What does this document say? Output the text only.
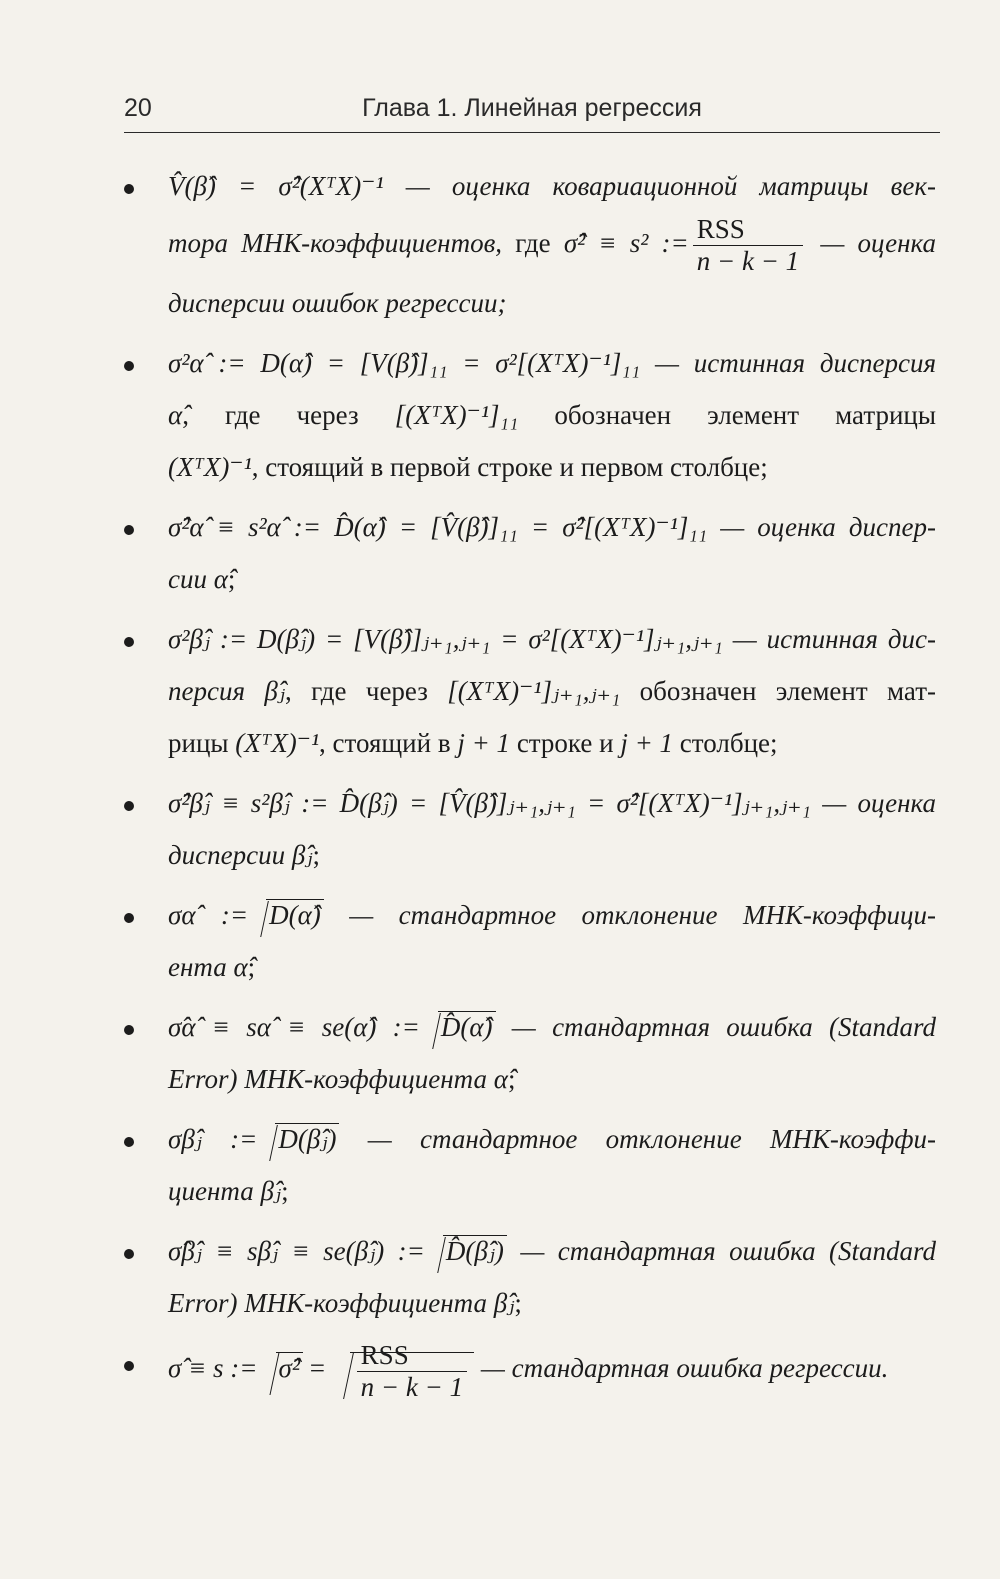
20	Глава 1. Линейная регрессия
V̂(β̂) = σ̂²(XᵀX)⁻¹ — оценка ковариационной матрицы век-
тора МНК-коэффициентов, где σ̂² ≡ s² := $\frac{\text{RSS}}{n - k - 1}$ — оценка
дисперсии ошибок регрессии;
σ²α̂ := D(α̂) = [V(β̂)]₁₁ = σ²[(XᵀX)⁻¹]₁₁ — истинная дисперсия
α̂, где через [(XᵀX)⁻¹]₁₁ обозначен элемент матрицы
(XᵀX)⁻¹, стоящий в первой строке и первом столбце;
σ̂²α̂ ≡ s²α̂ := D̂(α̂) = [V̂(β̂)]₁₁ = σ̂²[(XᵀX)⁻¹]₁₁ — оценка диспер-
сии α̂;
σ²β̂ⱼ := D(β̂ⱼ) = [V(β̂)]ⱼ₊₁,ⱼ₊₁ = σ²[(XᵀX)⁻¹]ⱼ₊₁,ⱼ₊₁ — истинная дис-
персия β̂ⱼ, где через [(XᵀX)⁻¹]ⱼ₊₁,ⱼ₊₁ обозначен элемент мат-
рицы (XᵀX)⁻¹, стоящий в j + 1 строке и j + 1 столбце;
σ̂²β̂ⱼ ≡ s²β̂ⱼ := D̂(β̂ⱼ) = [V̂(β̂)]ⱼ₊₁,ⱼ₊₁ = σ̂²[(XᵀX)⁻¹]ⱼ₊₁,ⱼ₊₁ — оценка
дисперсии β̂ⱼ;
σα̂ := D(α̂) — стандартное отклонение МНК-коэффици-
ента α̂;
σ̂α̂ ≡ sα̂ ≡ se(α̂) := D̂(α̂) — стандартная ошибка (Standard
Error) МНК-коэффициента α̂;
σβ̂ⱼ := D(β̂ⱼ) — стандартное отклонение МНК-коэффи-
циента β̂ⱼ;
σ̂β̂ⱼ ≡ sβ̂ⱼ ≡ se(β̂ⱼ) := D̂(β̂ⱼ) — стандартная ошибка (Standard
Error) МНК-коэффициента β̂ⱼ;
σ̂ ≡ s := σ̂² = $\frac{\text{RSS}}{n - k - 1}$ — стандартная ошибка регрессии.
